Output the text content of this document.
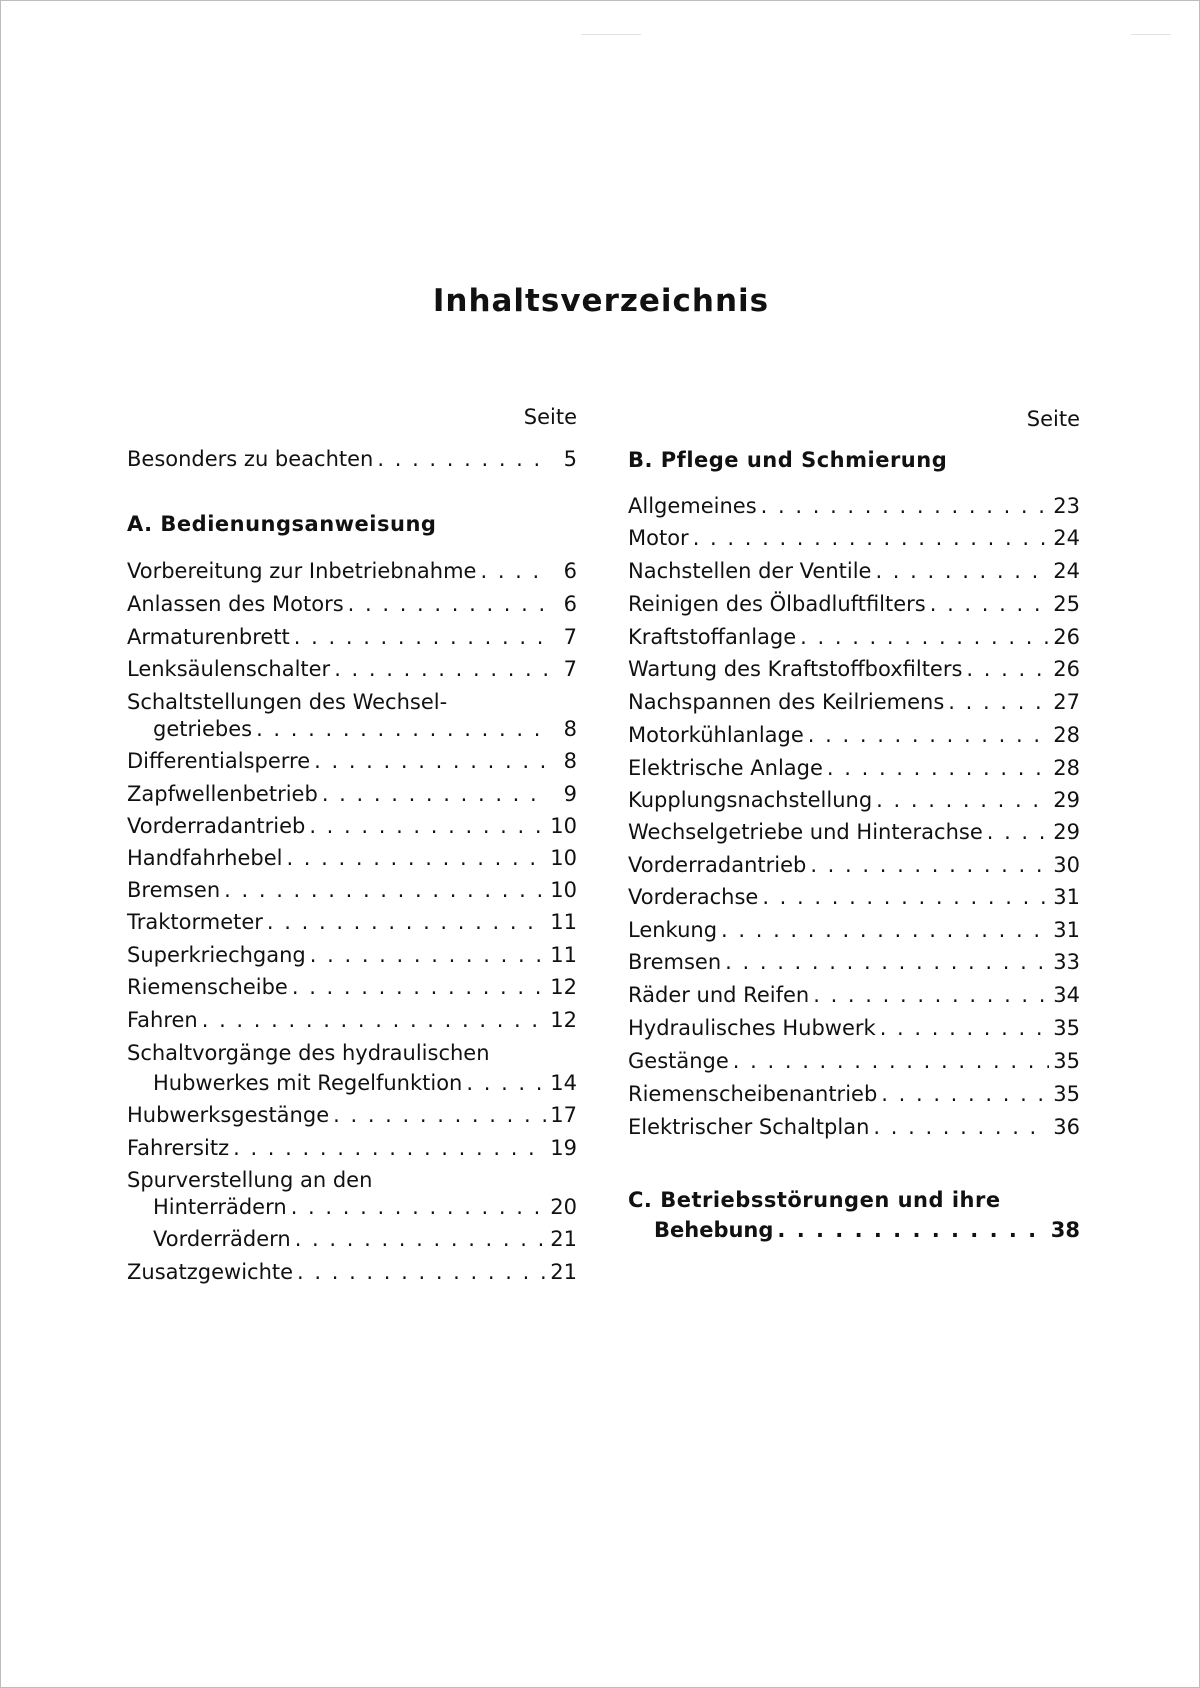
Inhaltsverzeichnis
Seite
Besonders zu beachten . . .	5
A. Bedienungsanweisung
Vorbereitung zur Inbetriebnahme . . .	6
Anlassen des Motors . . .	6
Armaturenbrett . . .	7
Lenksäulenschalter . . .	7
Schaltstellungen des Wechsel-
getriebes . . .	8
Differentialsperre . . .	8
Zapfwellenbetrieb . . .	9
Vorderradantrieb . . .	10
Handfahrhebel . . .	10
Bremsen . . .	10
Traktormeter . . .	11
Superkriechgang . . .	11
Riemenscheibe . . .	12
Fahren . . .	12
Schaltvorgänge des hydraulischen
Hubwerkes mit Regelfunktion . . .	14
Hubwerksgestänge . . .	17
Fahrersitz . . .	19
Spurverstellung an den
Hinterrädern . . .	20
Vorderrädern . . .	21
Zusatzgewichte . . .	21
Seite
B. Pflege und Schmierung
Allgemeines . . .	23
Motor . . .	24
Nachstellen der Ventile . . .	24
Reinigen des Ölbadluftfilters . . .	25
Kraftstoffanlage . . .	26
Wartung des Kraftstoffboxfilters . . .	26
Nachspannen des Keilriemens . . .	27
Motorkühlanlage . . .	28
Elektrische Anlage . . .	28
Kupplungsnachstellung . . .	29
Wechselgetriebe und Hinterachse . . .	29
Vorderradantrieb . . .	30
Vorderachse . . .	31
Lenkung . . .	31
Bremsen . . .	33
Räder und Reifen . . .	34
Hydraulisches Hubwerk . . .	35
Gestänge . . .	35
Riemenscheibenantrieb . . .	35
Elektrischer Schaltplan . . .	36
C. Betriebsstörungen und ihre
Behebung . . .	38
